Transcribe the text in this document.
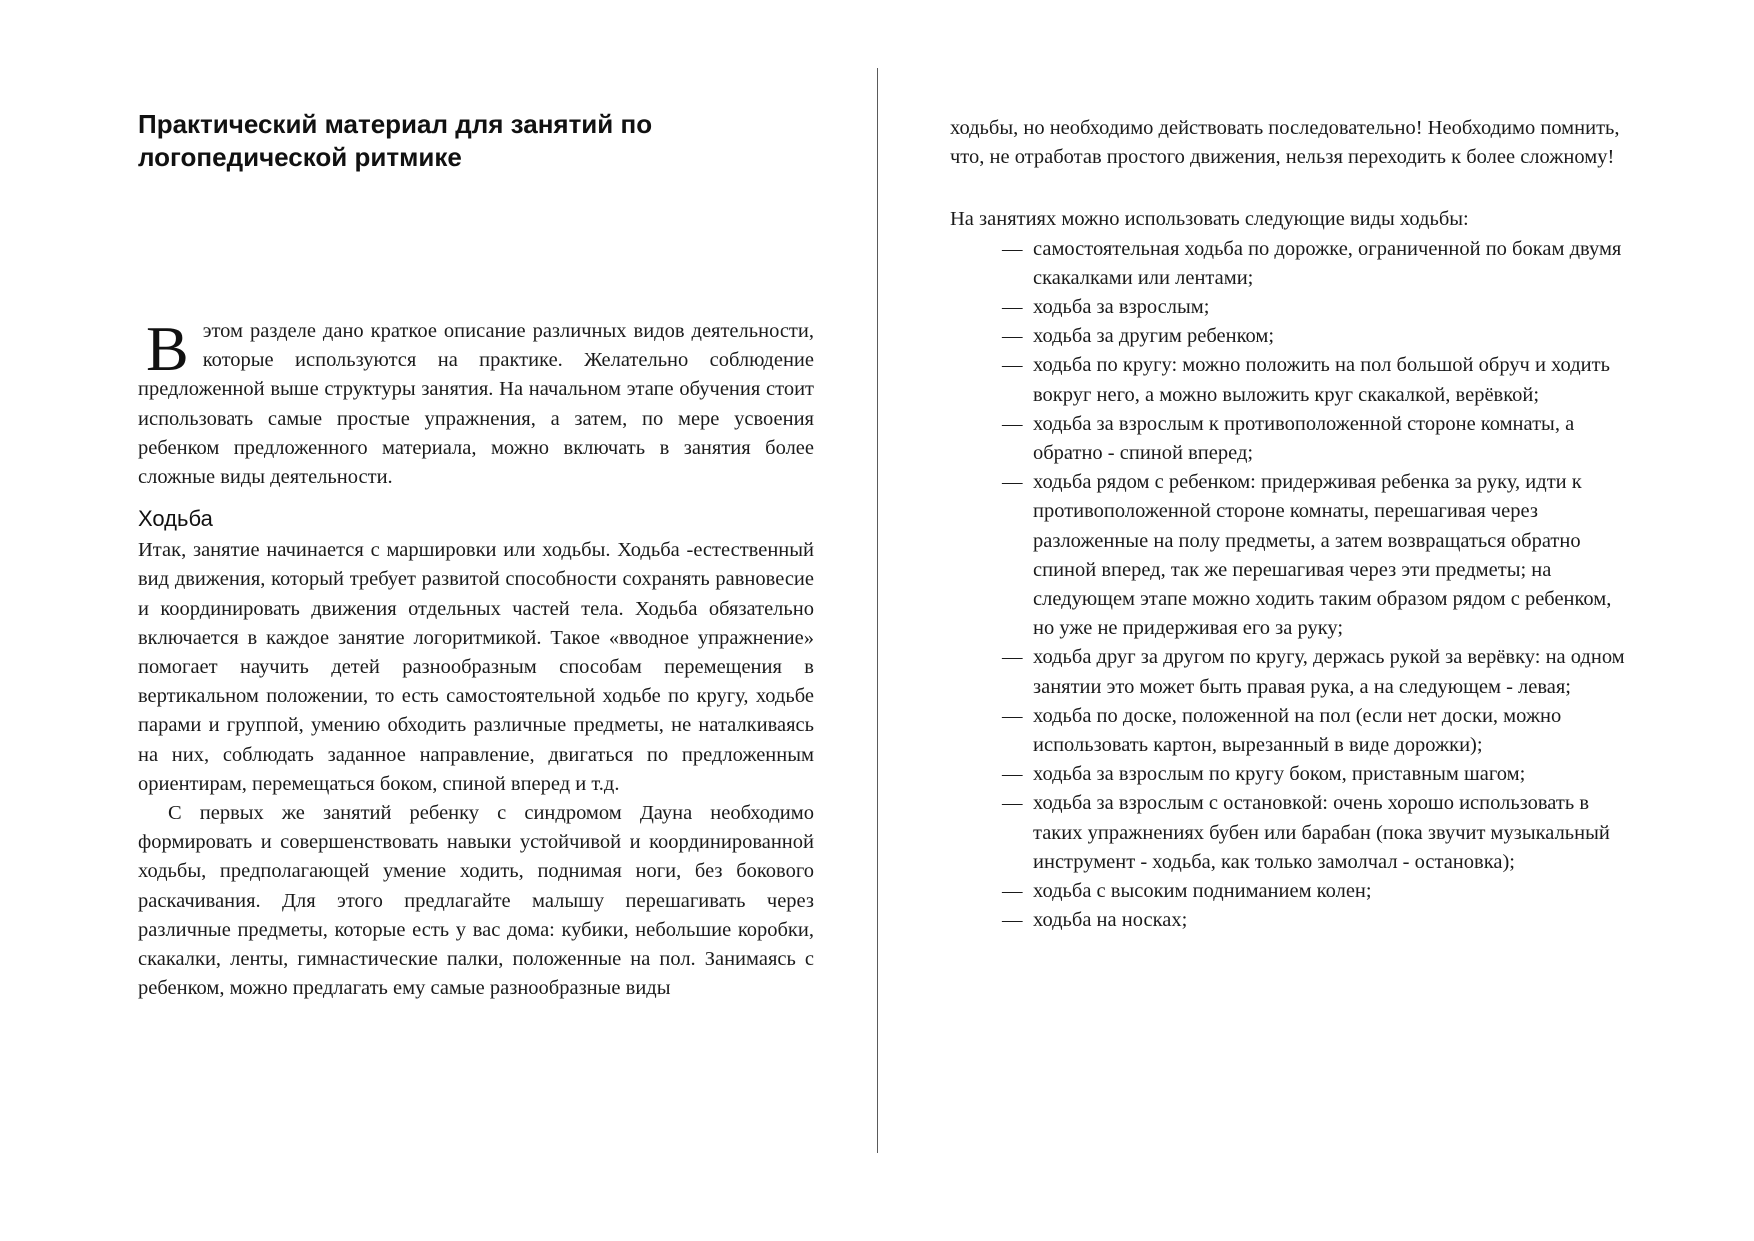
Практический материал для занятий по
логопедической ритмике
В этом разделе дано краткое описание различных видов деятельности, которые используются на практике. Желательно соблюдение предложенной выше структуры занятия. На начальном этапе обучения стоит использовать самые простые упражнения, а затем, по мере усвоения ребенком предложенного материала, можно включать в занятия более сложные виды деятельности.

Ходьба

Итак, занятие начинается с маршировки или ходьбы. Ходьба -естественный вид движения, который требует развитой способности сохранять равновесие и координировать движения отдельных частей тела. Ходьба обязательно включается в каждое занятие логоритмикой. Такое «вводное упражнение» помогает научить детей разнообразным способам перемещения в вертикальном положении, то есть самостоятельной ходьбе по кругу, ходьбе парами и группой, умению обходить различные предметы, не наталкиваясь на них, соблюдать заданное направление, двигаться по предложенным ориентирам, перемещаться боком, спиной вперед и т.д.

С первых же занятий ребенку с синдромом Дауна необходимо формировать и совершенствовать навыки устойчивой и координированной ходьбы, предполагающей умение ходить, поднимая ноги, без бокового раскачивания. Для этого предлагайте малышу перешагивать через различные предметы, которые есть у вас дома: кубики, небольшие коробки, скакалки, ленты, гимнастические палки, положенные на пол. Занимаясь с ребенком, можно предлагать ему самые разнообразные виды

ходьбы, но необходимо действовать последовательно! Необходимо помнить, что, не отработав простого движения, нельзя переходить к более сложному!

На занятиях можно использовать следующие виды ходьбы:

— самостоятельная ходьба по дорожке, ограниченной по бокам двумя скакалками или лентами;
— ходьба за взрослым;
— ходьба за другим ребенком;
— ходьба по кругу: можно положить на пол большой обруч и ходить вокруг него, а можно выложить круг скакалкой, верёвкой;
— ходьба за взрослым к противоположенной стороне комнаты, а обратно - спиной вперед;
— ходьба рядом с ребенком: придерживая ребенка за руку, идти к противоположенной стороне комнаты, перешагивая через разложенные на полу предметы, а затем возвращаться обратно спиной вперед, так же перешагивая через эти предметы; на следующем этапе можно ходить таким образом рядом с ребенком, но уже не придерживая его за руку;
— ходьба друг за другом по кругу, держась рукой за верёвку: на одном занятии это может быть правая рука, а на следующем - левая;
— ходьба по доске, положенной на пол (если нет доски, можно использовать картон, вырезанный в виде дорожки);
— ходьба за взрослым по кругу боком, приставным шагом;
— ходьба за взрослым с остановкой: очень хорошо использовать в таких упражнениях бубен или барабан (пока звучит музыкальный инструмент - ходьба, как только замолчал - остановка);
— ходьба с высоким подниманием колен;
— ходьба на носках;
